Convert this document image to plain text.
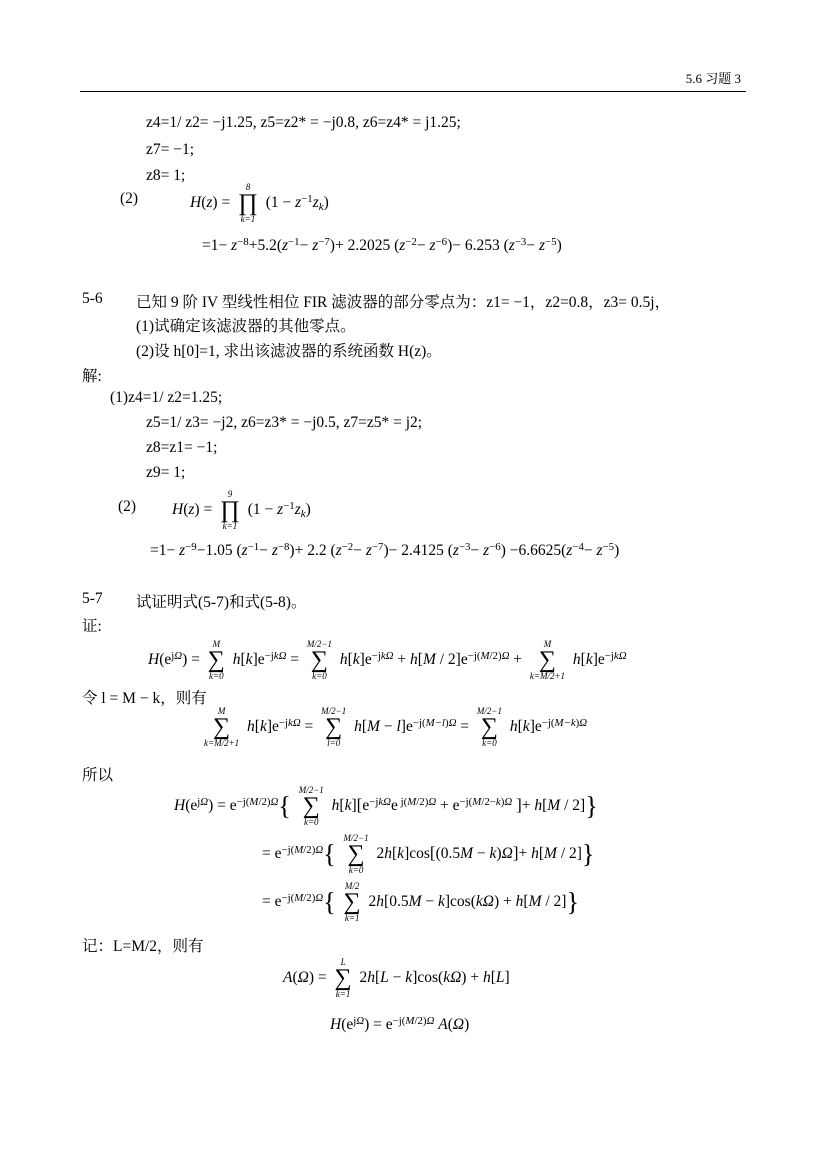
5.6 习题 3
z4=1/ z2= −j1.25, z5=z2* = −j0.8, z6=z4* = j1.25;
z7= −1;
z8= 1;
(2)	H(z) =
8
∏
k=1
$(1 - z^{-1}z_k)$
$=1- z^{-8}+5.2(z^{-1}- z^{-7})+ 2.2025$ $(z^{-2}- z^{-6})- 6.253$ $(z^{-3}- z^{-5})$
5-6 已知 9 阶 IV 型线性相位 FIR 滤波器的部分零点为：z1= −1，z2=0.8，z3= 0.5j，
(1)试确定该滤波器的其他零点。
(2)设 h[0]=1, 求出该滤波器的系统函数 H(z)。
解:
(1)z4=1/ z2=1.25;
z5=1/ z3= −j2, z6=z3* = −j0.5, z7=z5* = j2;
z8=z1= −1;
z9= 1;
(2) H(z) =
9
∏
k=1
$(1 - z^{-1}z_k)$
$=1- z^{-9}-1.05$ $(z^{-1}- z^{-8})+ 2.2$ $(z^{-2}- z^{-7})- 2.4125$ $(z^{-3}- z^{-6}) -6.6625(z^{-4}- z^{-5})$
5-7 试证明式(5-7)和式(5-8)。
证:
$H(e^{j\Omega})$ =
M
∑
k=0
$h[k]e^{-jk\Omega}$ =
M/2−1
∑
k=0
$h[k]e^{-jk\Omega} + h[M / 2]e^{-j(M/2)\Omega}$ +
M
∑
k=M/2+1
$h[k]e^{-jk\Omega}$
令 l = M − k，则有
M
∑
k=M/2+1
$h[k]e^{-jk\Omega}$ =
M/2−1
∑
l=0
$h[M - l]e^{-j(M-l)\Omega}$ =
M/2−1
∑
k=0
$h[k]e^{-j(M-k)\Omega}$
所以
$H(e^{j\Omega}) = e^{-j(M/2)\Omega}${
M/2−1
∑
k=0
$h[k][e^{-jk\Omega}e$ $^{j(M/2)\Omega} + e^{-j(M/2-k)\Omega}$ ]+ h[M / 2]}
= $e^{-j(M/2)\Omega}${
M/2−1
∑
k=0
2h[k]cos[(0.5M − k)Ω]+ h[M / 2]}
= $e^{-j(M/2)\Omega}${
M/2
∑
k=1
2h[0.5M − k]cos(kΩ) + h[M / 2]}
记：L=M/2，则有
A(Ω) =
L
∑
k=1
2h[L − k]cos(kΩ) + h[L]
$H(e^{j\Omega}) = e^{-j(M/2)\Omega}$ A(Ω)
